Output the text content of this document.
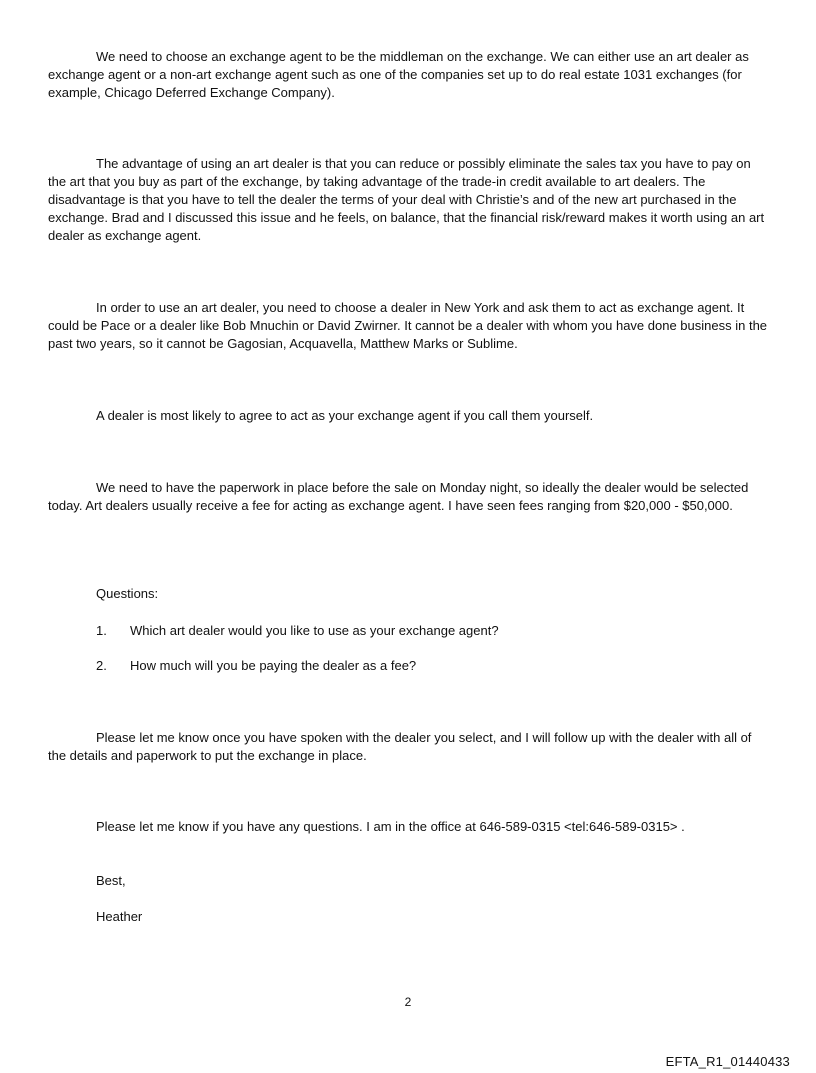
We need to choose an exchange agent to be the middleman on the exchange. We can either use an art dealer as exchange agent or a non-art exchange agent such as one of the companies set up to do real estate 1031 exchanges (for example, Chicago Deferred Exchange Company).

The advantage of using an art dealer is that you can reduce or possibly eliminate the sales tax you have to pay on the art that you buy as part of the exchange, by taking advantage of the trade-in credit available to art dealers. The disadvantage is that you have to tell the dealer the terms of your deal with Christie’s and of the new art purchased in the exchange. Brad and I discussed this issue and he feels, on balance, that the financial risk/reward makes it worth using an art dealer as exchange agent.

In order to use an art dealer, you need to choose a dealer in New York and ask them to act as exchange agent. It could be Pace or a dealer like Bob Mnuchin or David Zwirner. It cannot be a dealer with whom you have done business in the past two years, so it cannot be Gagosian, Acquavella, Matthew Marks or Sublime.

A dealer is most likely to agree to act as your exchange agent if you call them yourself.

We need to have the paperwork in place before the sale on Monday night, so ideally the dealer would be selected today. Art dealers usually receive a fee for acting as exchange agent. I have seen fees ranging from $20,000 - $50,000.

Questions:

1. Which art dealer would you like to use as your exchange agent?

2. How much will you be paying the dealer as a fee?

Please let me know once you have spoken with the dealer you select, and I will follow up with the dealer with all of the details and paperwork to put the exchange in place.

Please let me know if you have any questions. I am in the office at 646-589-0315 <tel:646-589-0315> .

Best,

Heather

2
EFTA_R1_01440433
